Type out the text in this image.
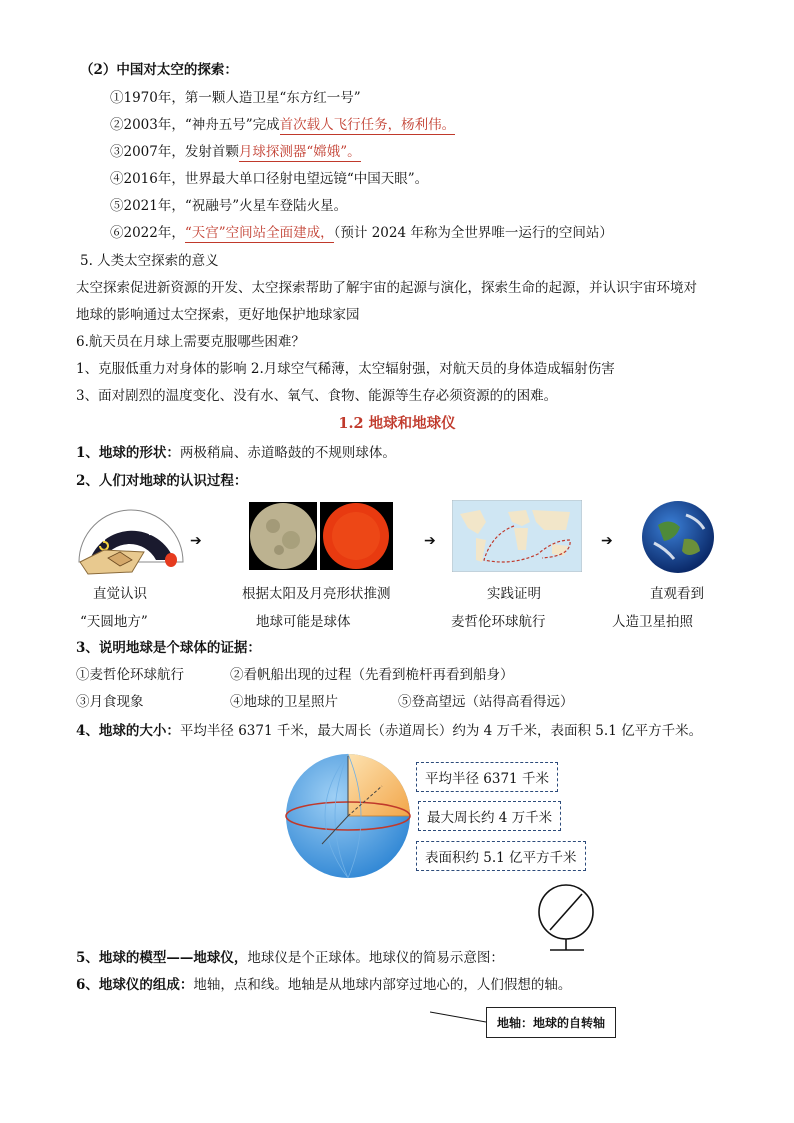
（2）中国对太空的探索：
①1970年，第一颗人造卫星“东方红一号”
②2003年，“神舟五号”完成首次载人飞行任务，杨利伟。
③2007年，发射首颗月球探测器“嫦娥”。
④2016年，世界最大单口径射电望远镜“中国天眼”。
⑤2021年，“祝融号”火星车登陆火星。
⑥2022年，“天宫”空间站全面建成，（预计 2024 年称为全世界唯一运行的空间站）
5. 人类太空探索的意义
太空探索促进新资源的开发、太空探索帮助了解宇宙的起源与演化，探索生命的起源，并认识宇宙环境对
地球的影响通过太空探索，更好地保护地球家园
6.航天员在月球上需要克服哪些困难？
1、克服低重力对身体的影响 2.月球空气稀薄，太空辐射强，对航天员的身体造成辐射伤害
3、面对剧烈的温度变化、没有水、氧气、食物、能源等生存必须资源的的困难。
1.2 地球和地球仪
1、地球的形状：两极稍扁、赤道略鼓的不规则球体。
2、人们对地球的认识过程：
➔	➔	➔
直觉认识
“天圆地方”
根据太阳及月亮形状推测
地球可能是球体
实践证明
麦哲伦环球航行
直观看到
人造卫星拍照
3、说明地球是个球体的证据：
①麦哲伦环球航行	②看帆船出现的过程（先看到桅杆再看到船身）
③月食现象	④地球的卫星照片	⑤登高望远（站得高看得远）
4、地球的大小：平均半径 6371 千米，最大周长（赤道周长）约为 4 万千米，表面积 5.1 亿平方千米。
平均半径 6371 千米
最大周长约 4 万千米
表面积约 5.1 亿平方千米
5、地球的模型——地球仪，地球仪是个正球体。地球仪的简易示意图：
6、地球仪的组成：地轴，点和线。地轴是从地球内部穿过地心的，人们假想的轴。
地轴：地球的自转轴
